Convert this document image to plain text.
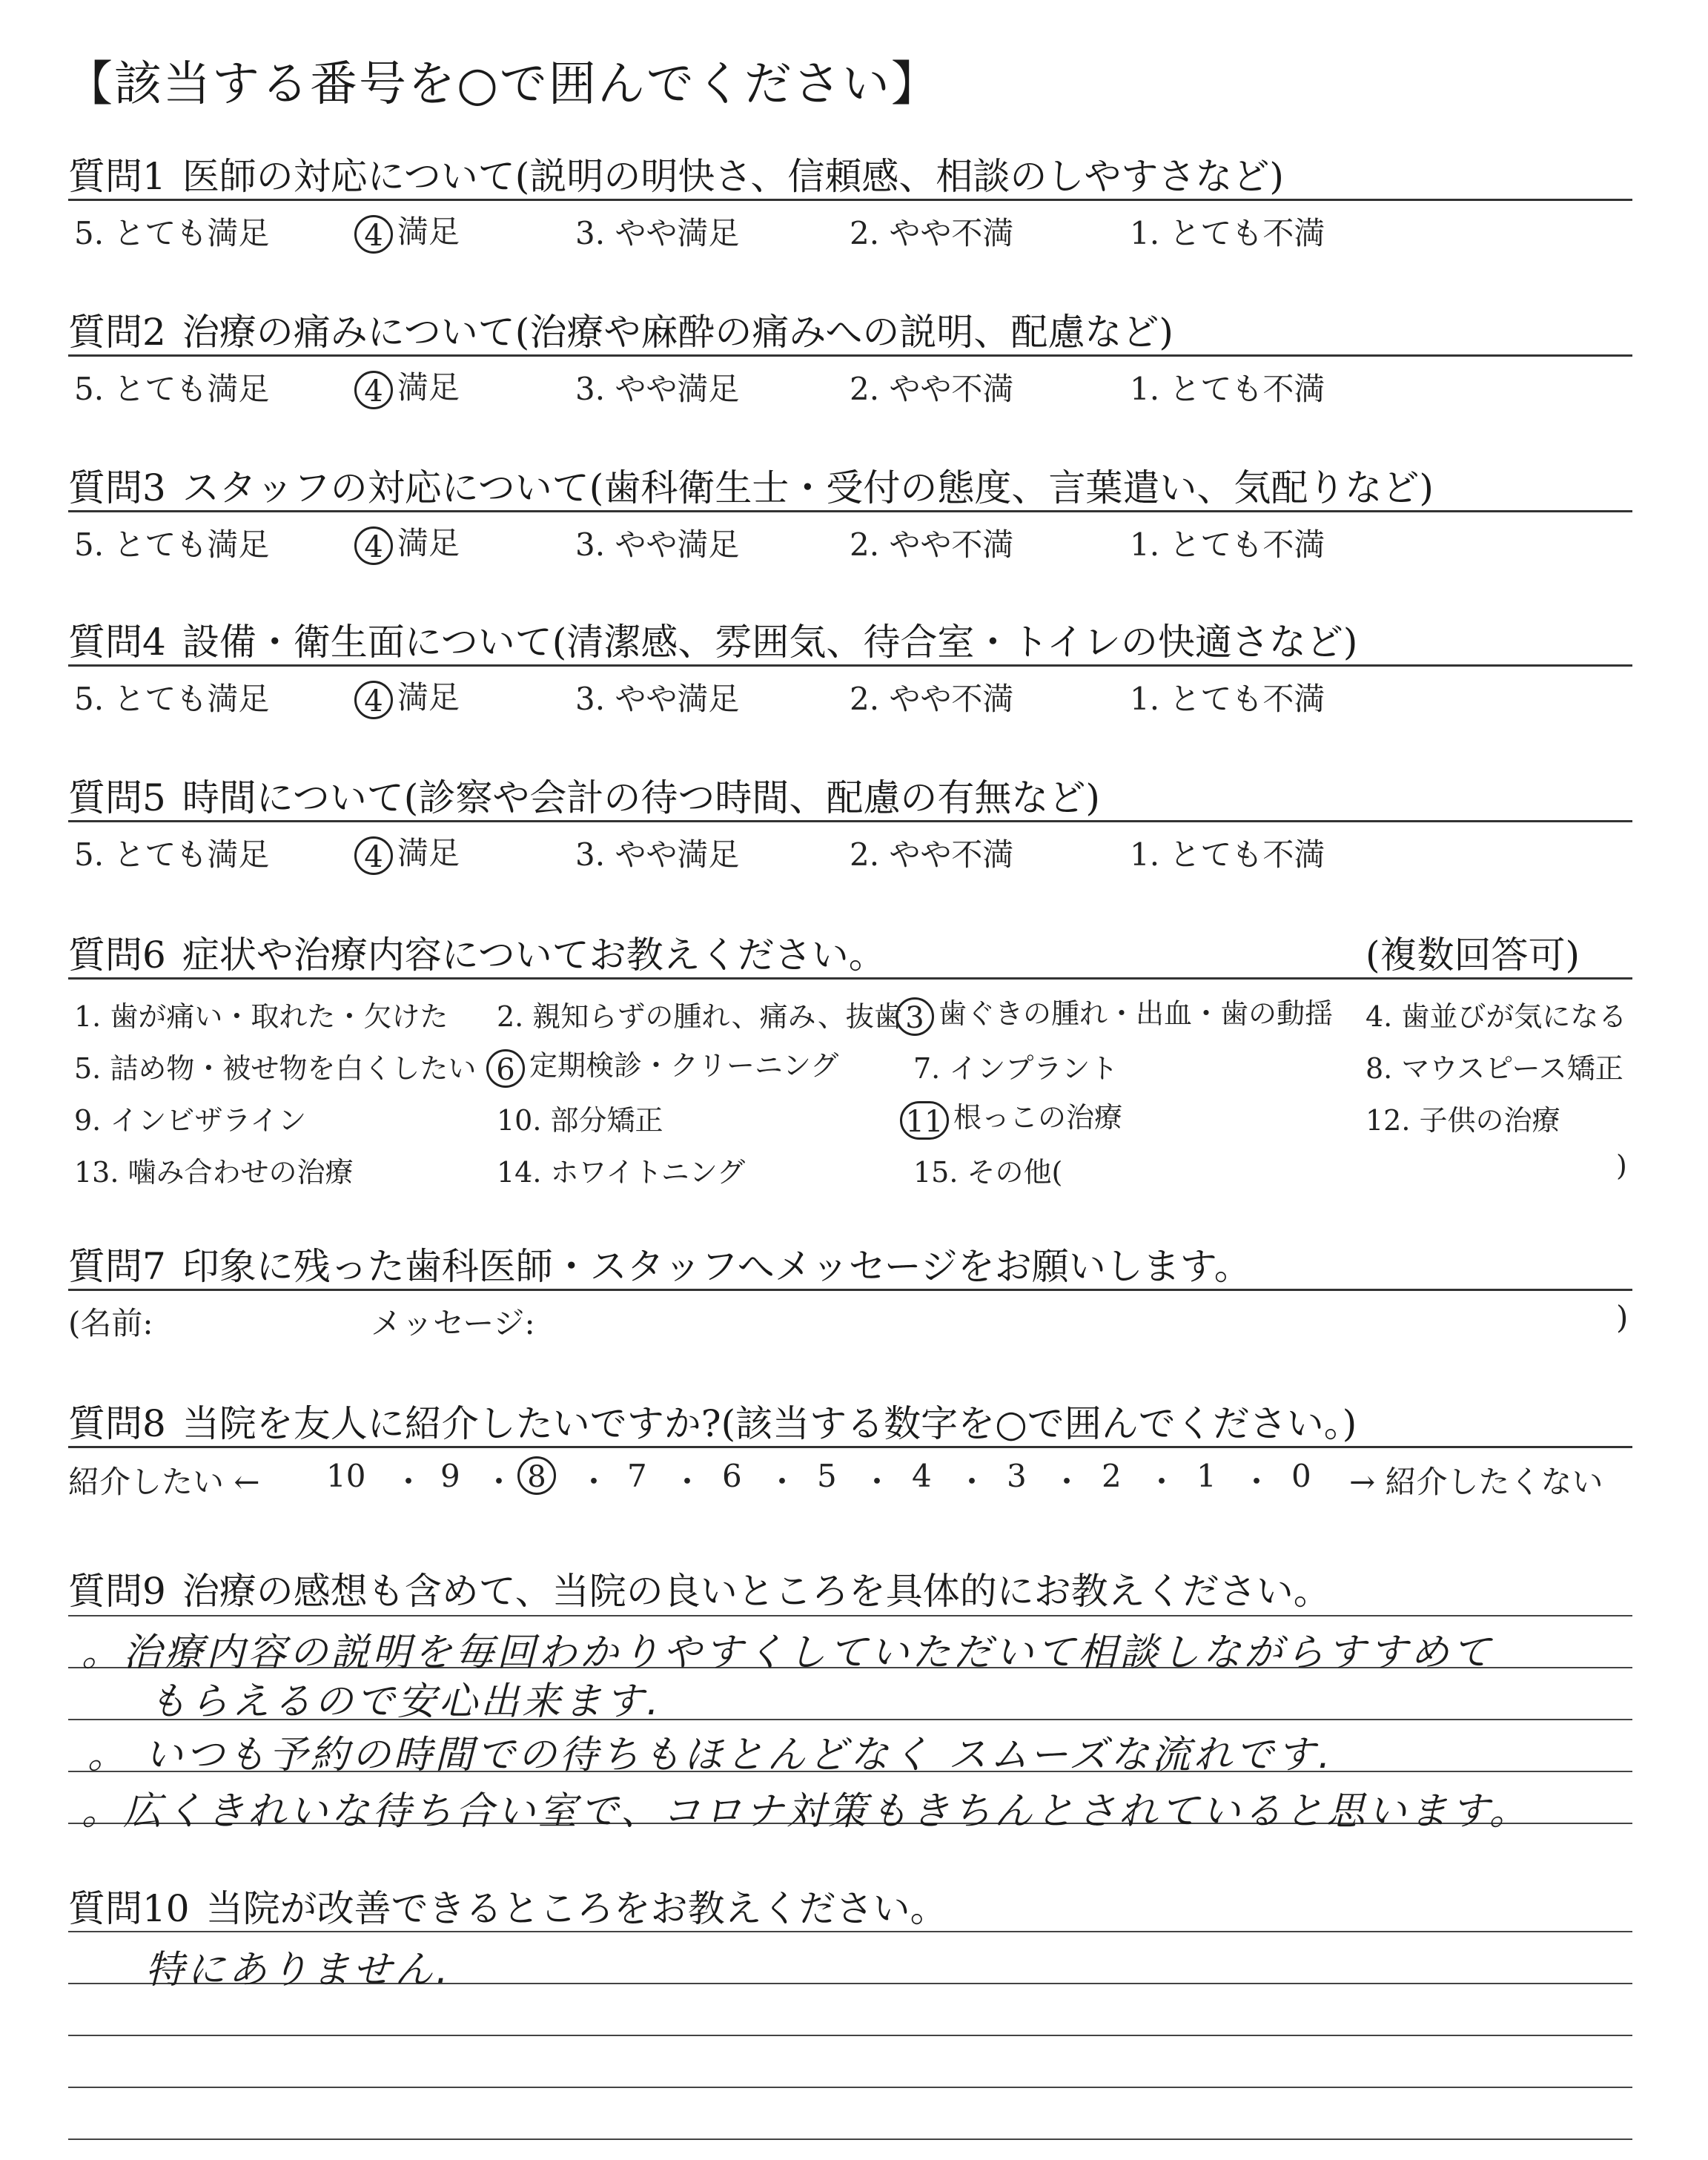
【該当する番号を○で囲んでください】
質問1 医師の対応について(説明の明快さ、信頼感、相談のしやすさなど)
5. とても満足	4 満足	3. やや満足	2. やや不満	1. とても不満
質問2 治療の痛みについて(治療や麻酔の痛みへの説明、配慮など)
5. とても満足	4 満足	3. やや満足	2. やや不満	1. とても不満
質問3 スタッフの対応について(歯科衛生士・受付の態度、言葉遣い、気配りなど)
5. とても満足	4 満足	3. やや満足	2. やや不満	1. とても不満
質問4 設備・衛生面について(清潔感、雰囲気、待合室・トイレの快適さなど)
5. とても満足	4 満足	3. やや満足	2. やや不満	1. とても不満
質問5 時間について(診察や会計の待つ時間、配慮の有無など)
5. とても満足	4 満足	3. やや満足	2. やや不満	1. とても不満
質問6 症状や治療内容についてお教えください。	(複数回答可)
1. 歯が痛い・取れた・欠けた 2. 親知らずの腫れ、痛み、抜歯 3 歯ぐきの腫れ・出血・歯の動揺 4. 歯並びが気になる
5. 詰め物・被せ物を白くしたい 6 定期検診・クリーニング	7. インプラント	8. マウスピース矯正
9. インビザライン	10. 部分矯正	11 根っこの治療	12. 子供の治療
13. 噛み合わせの治療	14. ホワイトニング	15. その他(	)
質問7 印象に残った歯科医師・スタッフへメッセージをお願いします。
(名前:	メッセージ:	)
質問8 当院を友人に紹介したいですか?(該当する数字を○で囲んでください。)
紹介したい ← 10 ・ 9 ・ 8	・ 7 ・ 6 ・ 5 ・ 4 ・ 3 ・ 2 ・ 1 ・ 0 → 紹介したくない
質問9 治療の感想も含めて、当院の良いところを具体的にお教えください。
。治療内容の説明を毎回わかりやすくしていただいて相談しながらすすめて
もらえるので安心出来ます.
。 いつも予約の時間での待ちもほとんどなく スムーズな流れです.
。広くきれいな待ち合い室で、コロナ対策もきちんとされていると思います。
質問10 当院が改善できるところをお教えください。
特にありません.
